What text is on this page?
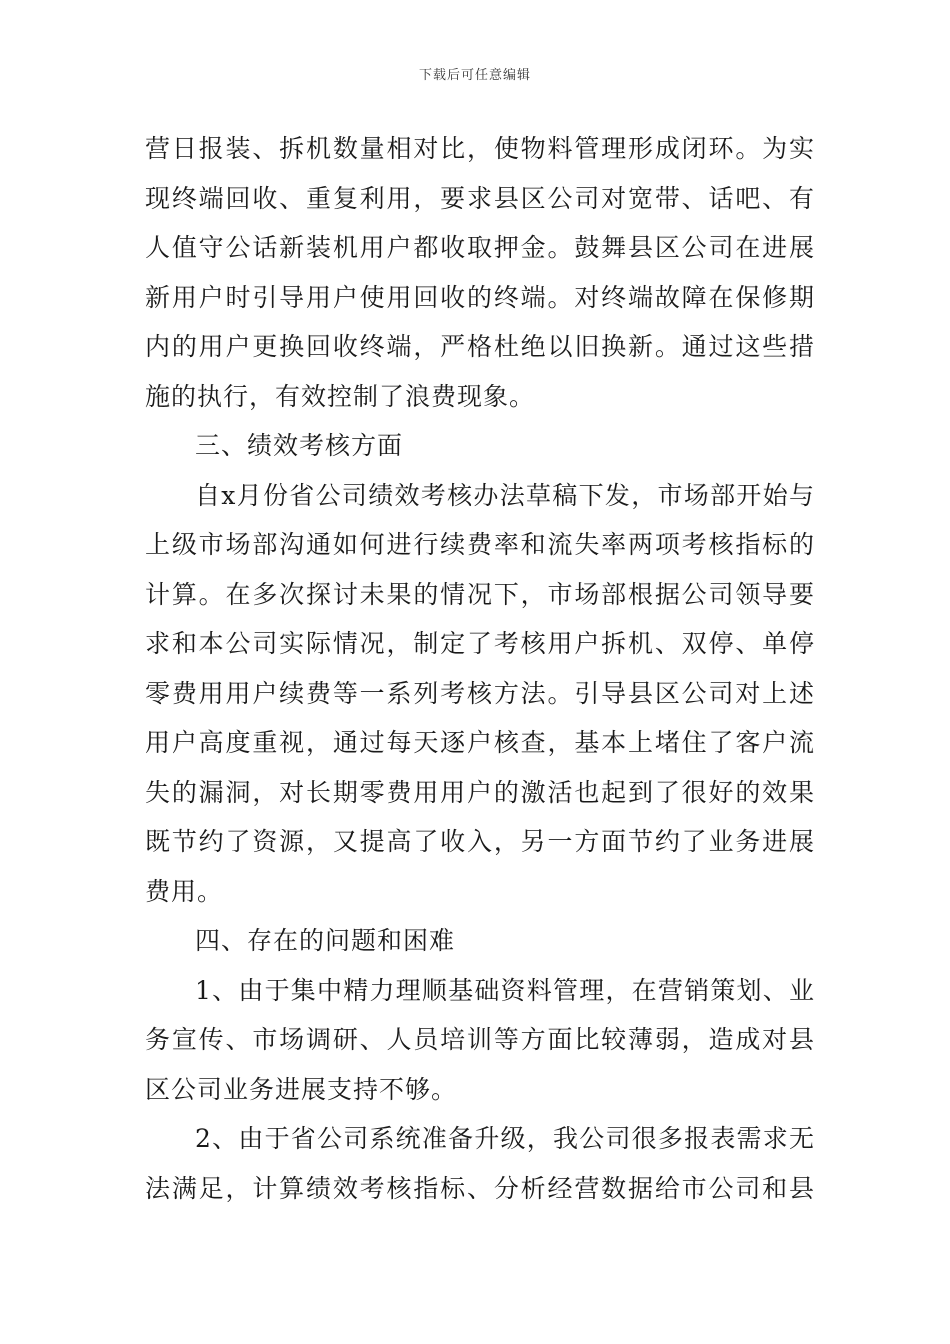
下载后可任意编辑
营日报装、拆机数量相对比，使物料管理形成闭环。为实
现终端回收、重复利用，要求县区公司对宽带、话吧、有
人值守公话新装机用户都收取押金。鼓舞县区公司在进展
新用户时引导用户使用回收的终端。对终端故障在保修期
内的用户更换回收终端，严格杜绝以旧换新。通过这些措
施的执行，有效控制了浪费现象。
三、绩效考核方面
自x月份省公司绩效考核办法草稿下发，市场部开始与
上级市场部沟通如何进行续费率和流失率两项考核指标的
计算。在多次探讨未果的情况下，市场部根据公司领导要
求和本公司实际情况，制定了考核用户拆机、双停、单停
零费用用户续费等一系列考核方法。引导县区公司对上述
用户高度重视，通过每天逐户核查，基本上堵住了客户流
失的漏洞，对长期零费用用户的激活也起到了很好的效果
既节约了资源，又提高了收入，另一方面节约了业务进展
费用。
四、存在的问题和困难
1、由于集中精力理顺基础资料管理，在营销策划、业
务宣传、市场调研、人员培训等方面比较薄弱，造成对县
区公司业务进展支持不够。
2、由于省公司系统准备升级，我公司很多报表需求无
法满足，计算绩效考核指标、分析经营数据给市公司和县
